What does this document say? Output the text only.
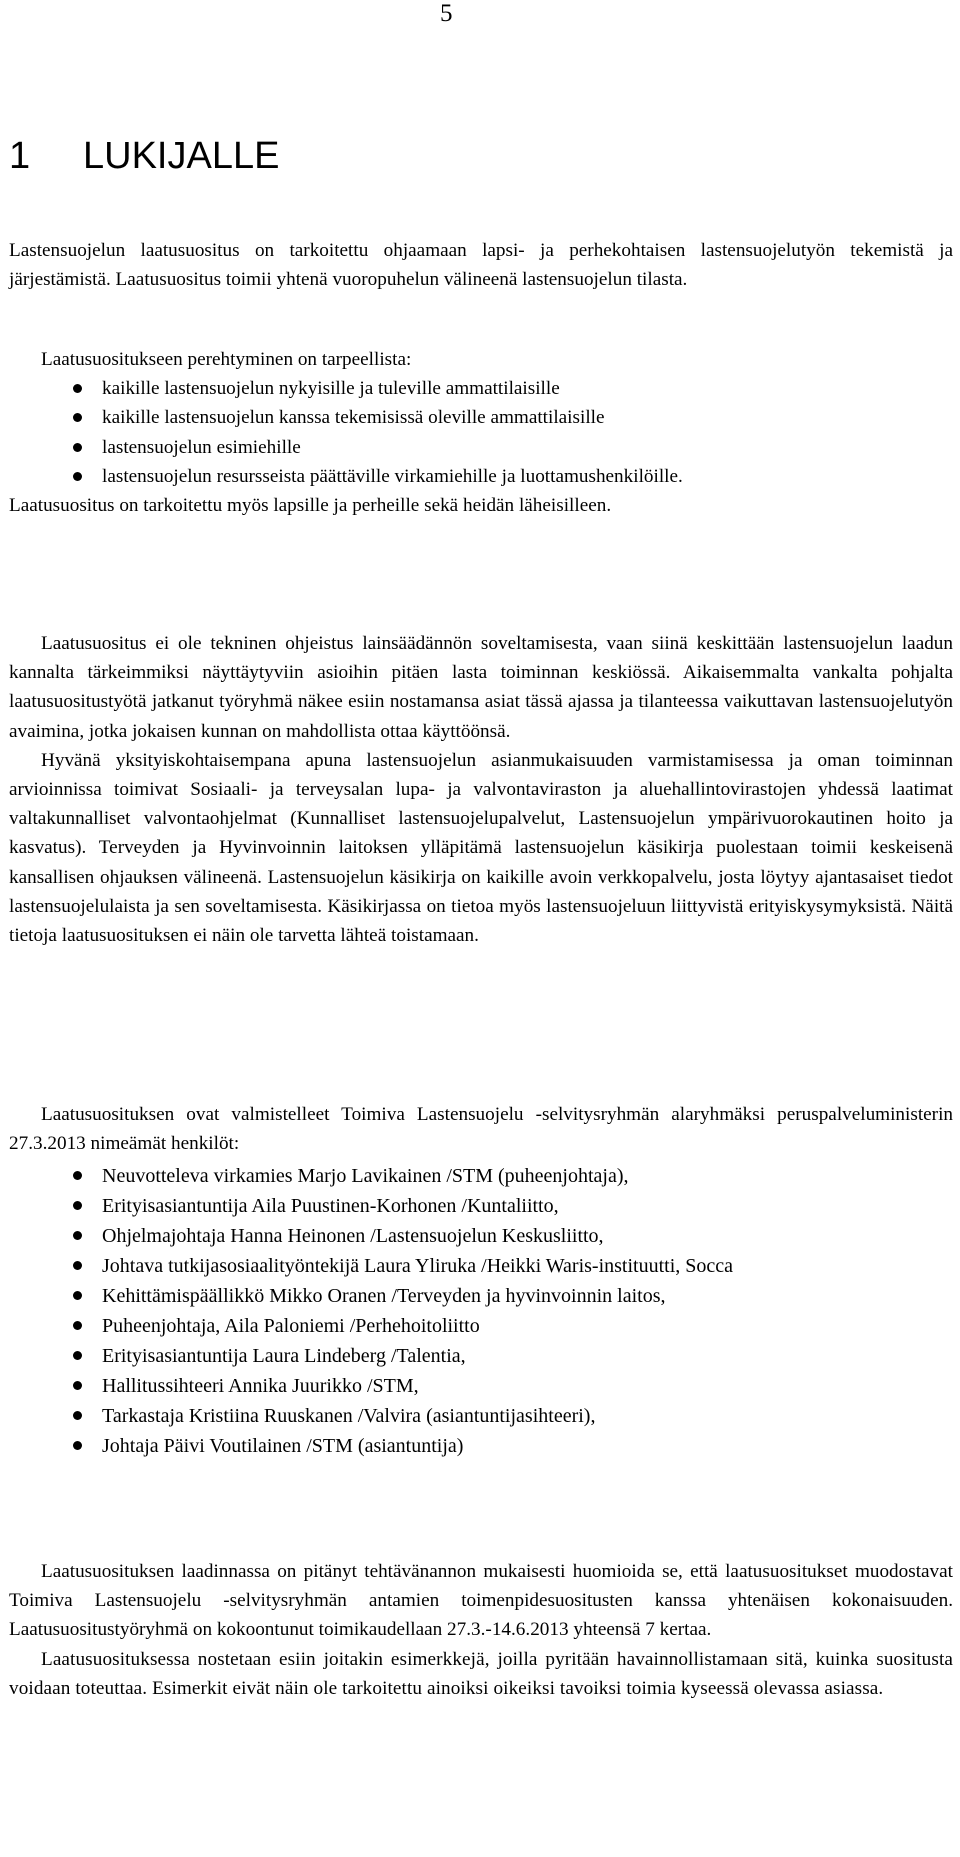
5
1 LUKIJALLE

Lastensuojelun laatusuositus on tarkoitettu ohjaamaan lapsi- ja perhekohtaisen lastensuojelutyön tekemistä ja järjestämistä. Laatusuositus toimii yhtenä vuoropuhelun välineenä lastensuojelun tilasta.

Laatusuositukseen perehtyminen on tarpeellista:

kaikille lastensuojelun nykyisille ja tuleville ammattilaisille
kaikille lastensuojelun kanssa tekemisissä oleville ammattilaisille
lastensuojelun esimiehille
lastensuojelun resursseista päättäville virkamiehille ja luottamushenkilöille.

Laatusuositus on tarkoitettu myös lapsille ja perheille sekä heidän läheisilleen.

Laatusuositus ei ole tekninen ohjeistus lainsäädännön soveltamisesta, vaan siinä keskittään lastensuojelun laadun kannalta tärkeimmiksi näyttäytyviin asioihin pitäen lasta toiminnan keskiössä. Aikaisemmalta vankalta pohjalta laatusuositustyötä jatkanut työryhmä näkee esiin nostamansa asiat tässä ajassa ja tilanteessa vaikuttavan lastensuojelutyön avaimina, jotka jokaisen kunnan on mahdollista ottaa käyttöönsä.

Hyvänä yksityiskohtaisempana apuna lastensuojelun asianmukaisuuden varmistamisessa ja oman toiminnan arvioinnissa toimivat Sosiaali- ja terveysalan lupa- ja valvontaviraston ja aluehallintovirastojen yhdessä laatimat valtakunnalliset valvontaohjelmat (Kunnalliset lastensuojelupalvelut, Lastensuojelun ympärivuorokautinen hoito ja kasvatus). Terveyden ja Hyvinvoinnin laitoksen ylläpitämä lastensuojelun käsikirja puolestaan toimii keskeisenä kansallisen ohjauksen välineenä. Lastensuojelun käsikirja on kaikille avoin verkkopalvelu, josta löytyy ajantasaiset tiedot lastensuojelulaista ja sen soveltamisesta. Käsikirjassa on tietoa myös lastensuojeluun liittyvistä erityiskysymyksistä. Näitä tietoja laatusuosituksen ei näin ole tarvetta lähteä toistamaan.

Laatusuosituksen ovat valmistelleet Toimiva Lastensuojelu -selvitysryhmän alaryhmäksi peruspalveluministerin 27.3.2013 nimeämät henkilöt:

Neuvotteleva virkamies Marjo Lavikainen /STM (puheenjohtaja),
Erityisasiantuntija Aila Puustinen-Korhonen /Kuntaliitto,
Ohjelmajohtaja Hanna Heinonen /Lastensuojelun Keskusliitto,
Johtava tutkijasosiaalityöntekijä Laura Yliruka /Heikki Waris-instituutti, Socca
Kehittämispäällikkö Mikko Oranen /Terveyden ja hyvinvoinnin laitos,
Puheenjohtaja, Aila Paloniemi /Perhehoitoliitto
Erityisasiantuntija Laura Lindeberg /Talentia,
Hallitussihteeri Annika Juurikko /STM,
Tarkastaja Kristiina Ruuskanen /Valvira (asiantuntijasihteeri),
Johtaja Päivi Voutilainen /STM (asiantuntija)

Laatusuosituksen laadinnassa on pitänyt tehtävänannon mukaisesti huomioida se, että laatusuositukset muodostavat Toimiva Lastensuojelu -selvitysryhmän antamien toimenpidesuositusten kanssa yhtenäisen kokonaisuuden. Laatusuositustyöryhmä on kokoontunut toimikaudellaan 27.3.-14.6.2013 yhteensä 7 kertaa.

Laatusuosituksessa nostetaan esiin joitakin esimerkkejä, joilla pyritään havainnollistamaan sitä, kuinka suositusta voidaan toteuttaa. Esimerkit eivät näin ole tarkoitettu ainoiksi oikeiksi tavoiksi toimia kyseessä olevassa asiassa.
